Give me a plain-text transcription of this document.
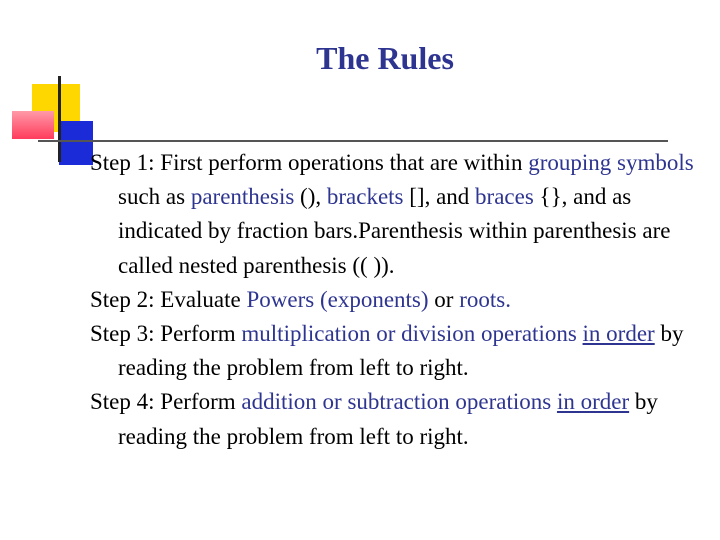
The Rules

Step 1: First perform operations that are within grouping symbols such as parenthesis (), brackets [], and braces {}, and as indicated by fraction bars.Parenthesis within parenthesis are called nested parenthesis (( )).

Step 2: Evaluate Powers (exponents) or roots.

Step 3: Perform multiplication or division operations in order by reading the problem from left to right.

Step 4: Perform addition or subtraction operations in order by reading the problem from left to right.
